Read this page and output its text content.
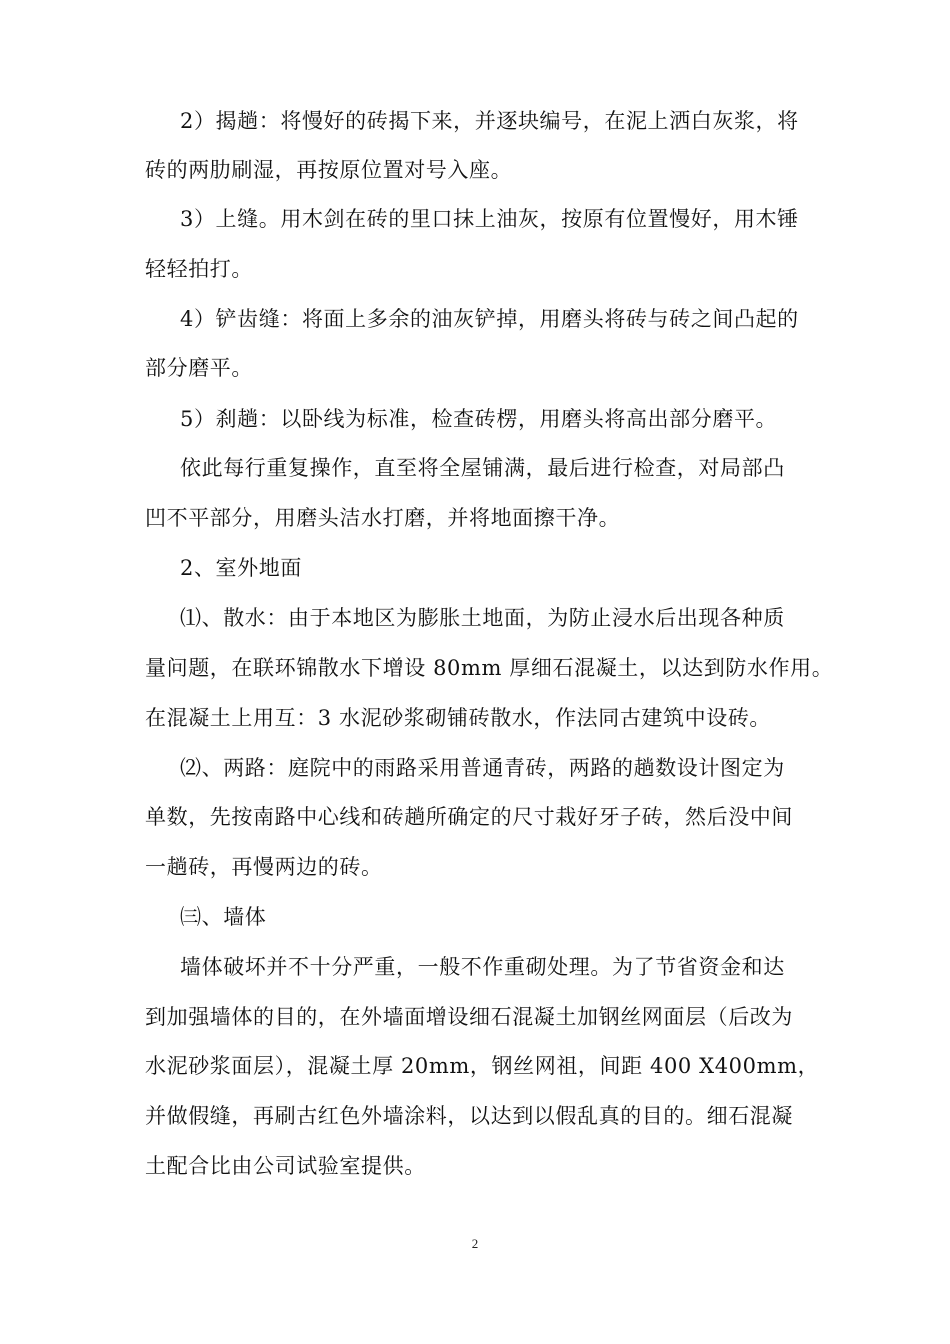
2）揭趟：将慢好的砖揭下来，并逐块编号，在泥上洒白灰浆，将
砖的两肋刷湿，再按原位置对号入座。
3）上缝。用木剑在砖的里口抹上油灰，按原有位置慢好，用木锤
轻轻拍打。
4）铲齿缝：将面上多余的油灰铲掉，用磨头将砖与砖之间凸起的
部分磨平。
5）刹趟：以卧线为标准，检查砖楞，用磨头将高出部分磨平。
依此每行重复操作，直至将全屋铺满，最后进行检查，对局部凸
凹不平部分，用磨头洁水打磨，并将地面擦干净。
2、室外地面
⑴、散水：由于本地区为膨胀土地面，为防止浸水后出现各种质
量问题，在联环锦散水下增设 80mm 厚细石混凝土，以达到防水作用。
在混凝土上用互：3 水泥砂浆砌铺砖散水，作法同古建筑中设砖。
⑵、两路：庭院中的雨路采用普通青砖，两路的趟数设计图定为
单数，先按南路中心线和砖趟所确定的尺寸栽好牙子砖，然后没中间
一趟砖，再慢两边的砖。
㈢、墙体
墙体破坏并不十分严重，一般不作重砌处理。为了节省资金和达
到加强墙体的目的，在外墙面增设细石混凝土加钢丝网面层（后改为
水泥砂浆面层），混凝土厚 20mm，钢丝网祖，间距 400 X400mm，
并做假缝，再刷古红色外墙涂料，以达到以假乱真的目的。细石混凝
土配合比由公司试验室提供。
2
